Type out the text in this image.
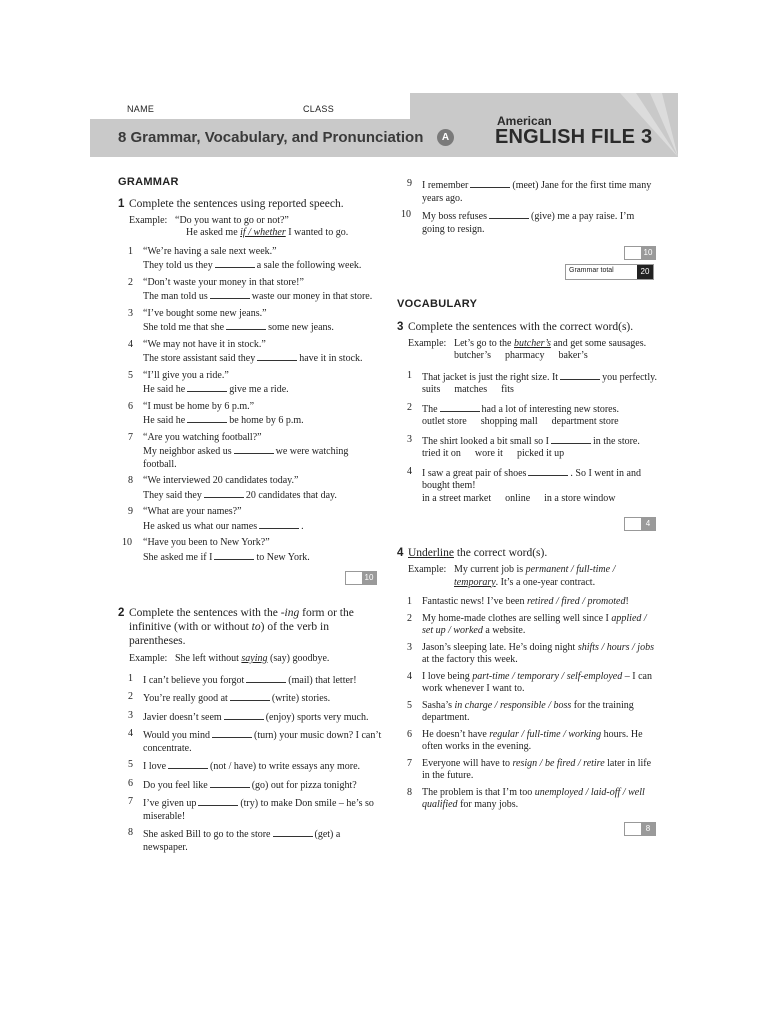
NAME	CLASS
8 Grammar, Vocabulary, and Pronunciation	A
American
ENGLISH FILE 3
GRAMMAR
1 Complete the sentences using reported speech.
Example: “Do you want to go or not?”
He asked me if / whether I wanted to go.
1	“We’re having a sale next week.”
They told us they	a sale the following week.
2	“Don’t waste your money in that store!”
The man told us	waste our money in that store.
3	“I’ve bought some new jeans.”
She told me that she	some new jeans.
4	“We may not have it in stock.”
The store assistant said they	have it in stock.
5	“I’ll give you a ride.”
He said he	give me a ride.
6	“I must be home by 6 p.m.”
He said he	be home by 6 p.m.
7	“Are you watching football?”
My neighbor asked us	we were watching football.
8	“We interviewed 20 candidates today.”
They said they	20 candidates that day.
9	“What are your names?”
He asked us what our names	.
10 “Have you been to New York?”
She asked me if I	to New York.
10
2 Complete the sentences with the -ing form or the infinitive (with or without to) of the verb in parentheses.
Example: She left without saying (say) goodbye.
1	I can’t believe you forgot	(mail) that letter!
2	You’re really good at	(write) stories.
3	Javier doesn’t seem	(enjoy) sports very much.
4	Would you mind	(turn) your music down? I can’t concentrate.
5	I love	(not / have) to write essays any more.
6	Do you feel like	(go) out for pizza tonight?
7	I’ve given up	(try) to make Don smile – he’s so miserable!
8	She asked Bill to go to the store	(get) a newspaper.
9	I remember	(meet) Jane for the first time many years ago.
10 My boss refuses	(give) me a pay raise. I’m going to resign.
10
VOCABULARY
3 Complete the sentences with the correct word(s).
Example: Let’s go to the butcher’s and get some sausages.
butcher’s pharmacy baker’s
1	That jacket is just the right size. It	you perfectly.
suits matches fits
2	The	had a lot of interesting new stores.
outlet store shopping mall department store
3	The shirt looked a bit small so I	in the store.
tried it on wore it picked it up
4	I saw a great pair of shoes	. So I went in and bought them!
in a street market online in a store window
4
4 Underline the correct word(s).
Example: My current job is permanent / full-time / temporary. It’s a one-year contract.
1	Fantastic news! I’ve been retired / fired / promoted!
2	My home-made clothes are selling well since I applied / set up / worked a website.
3	Jason’s sleeping late. He’s doing night shifts / hours / jobs at the factory this week.
4	I love being part-time / temporary / self-employed – I can work whenever I want to.
5	Sasha’s in charge / responsible / boss for the training department.
6	He doesn’t have regular / full-time / working hours. He often works in the evening.
7	Everyone will have to resign / be fired / retire later in life in the future.
8	The problem is that I’m too unemployed / laid-off / well qualified for many jobs.
8
Grammar total	20
